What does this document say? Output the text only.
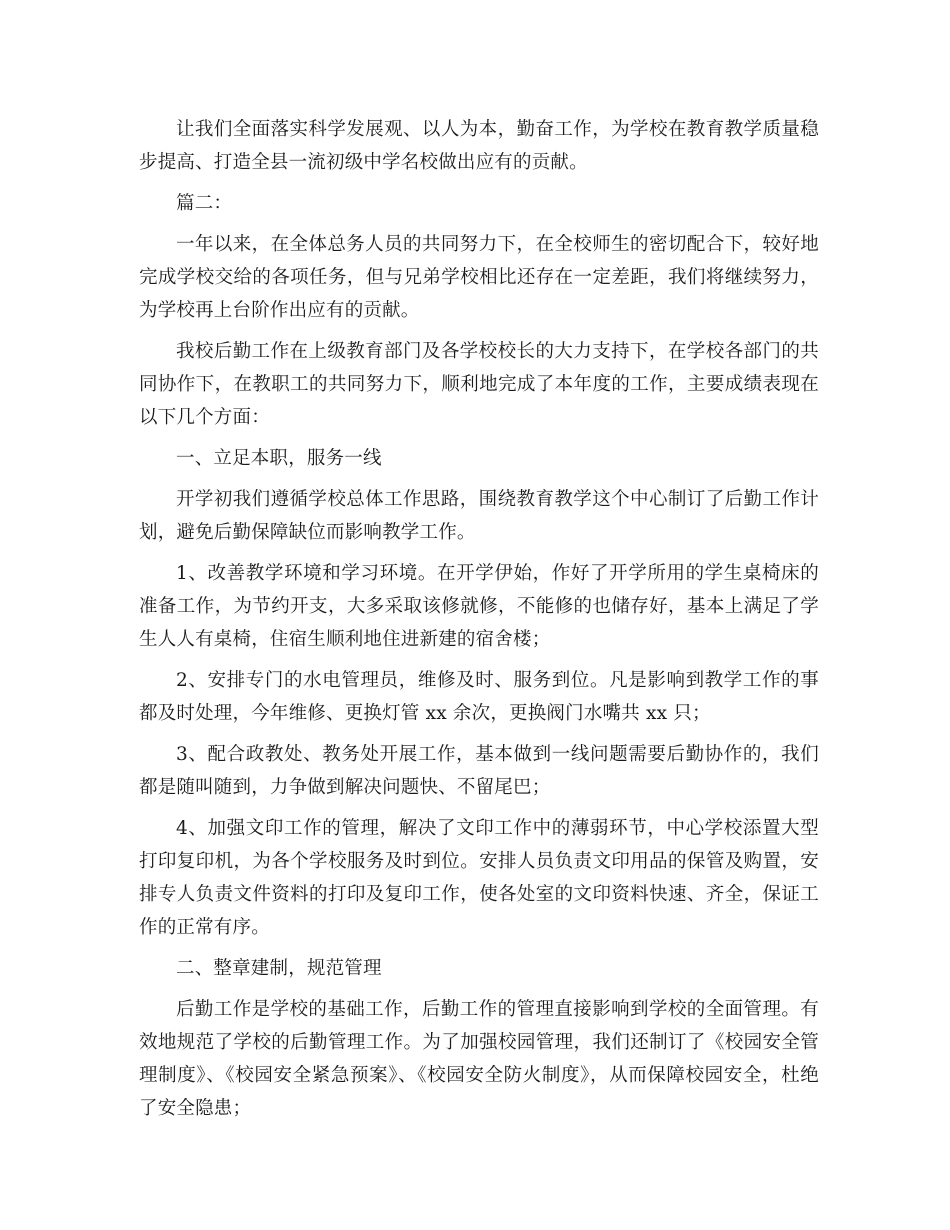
让我们全面落实科学发展观、以人为本，勤奋工作，为学校在教育教学质量稳步提高、打造全县一流初级中学名校做出应有的贡献。

篇二：

一年以来，在全体总务人员的共同努力下，在全校师生的密切配合下，较好地完成学校交给的各项任务，但与兄弟学校相比还存在一定差距，我们将继续努力，为学校再上台阶作出应有的贡献。

我校后勤工作在上级教育部门及各学校校长的大力支持下，在学校各部门的共同协作下，在教职工的共同努力下，顺利地完成了本年度的工作，主要成绩表现在以下几个方面：

一、立足本职，服务一线

开学初我们遵循学校总体工作思路，围绕教育教学这个中心制订了后勤工作计划，避免后勤保障缺位而影响教学工作。

1、改善教学环境和学习环境。在开学伊始，作好了开学所用的学生桌椅床的准备工作，为节约开支，大多采取该修就修，不能修的也储存好，基本上满足了学生人人有桌椅，住宿生顺利地住进新建的宿舍楼；

2、安排专门的水电管理员，维修及时、服务到位。凡是影响到教学工作的事都及时处理，今年维修、更换灯管 xx 余次，更换阀门水嘴共 xx 只；

3、配合政教处、教务处开展工作，基本做到一线问题需要后勤协作的，我们都是随叫随到，力争做到解决问题快、不留尾巴；

4、加强文印工作的管理，解决了文印工作中的薄弱环节，中心学校添置大型打印复印机，为各个学校服务及时到位。安排人员负责文印用品的保管及购置，安排专人负责文件资料的打印及复印工作，使各处室的文印资料快速、齐全，保证工作的正常有序。

二、整章建制，规范管理

后勤工作是学校的基础工作，后勤工作的管理直接影响到学校的全面管理。有效地规范了学校的后勤管理工作。为了加强校园管理，我们还制订了《校园安全管理制度》、《校园安全紧急预案》、《校园安全防火制度》，从而保障校园安全，杜绝了安全隐患；
